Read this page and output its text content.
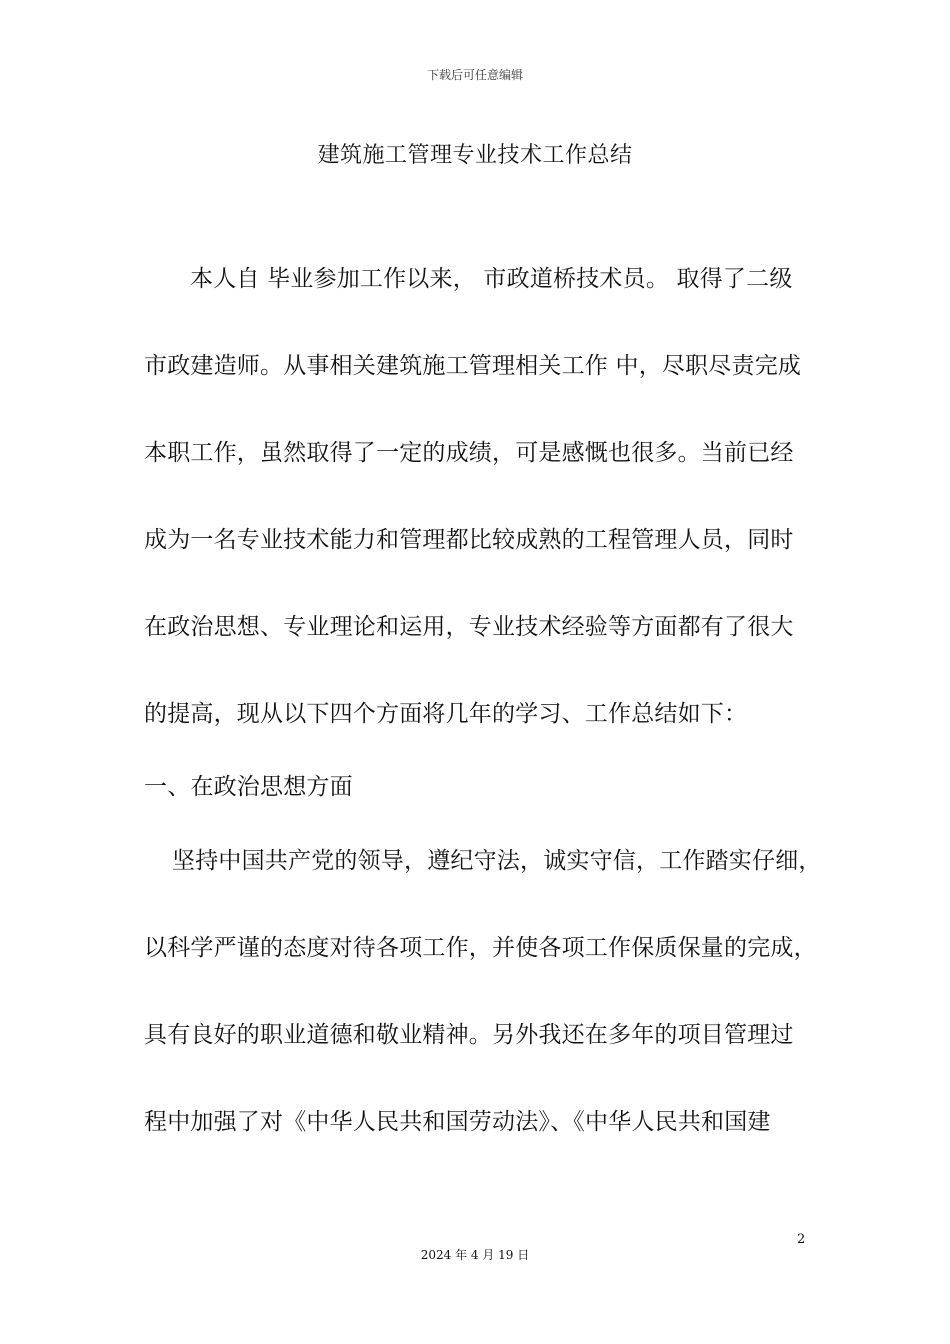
下载后可任意编辑
建筑施工管理专业技术工作总结
本人自 毕业参加工作以来， 市政道桥技术员。 取得了二级
市政建造师。从事相关建筑施工管理相关工作 中，尽职尽责完成
本职工作，虽然取得了一定的成绩，可是感慨也很多。当前已经
成为一名专业技术能力和管理都比较成熟的工程管理人员，同时
在政治思想、专业理论和运用，专业技术经验等方面都有了很大
的提高，现从以下四个方面将几年的学习、工作总结如下：
一、在政治思想方面
坚持中国共产党的领导，遵纪守法，诚实守信，工作踏实仔细，
以科学严谨的态度对待各项工作，并使各项工作保质保量的完成，
具有良好的职业道德和敬业精神。另外我还在多年的项目管理过
程中加强了对《中华人民共和国劳动法》、《中华人民共和国建
2
2024 年 4 月 19 日
